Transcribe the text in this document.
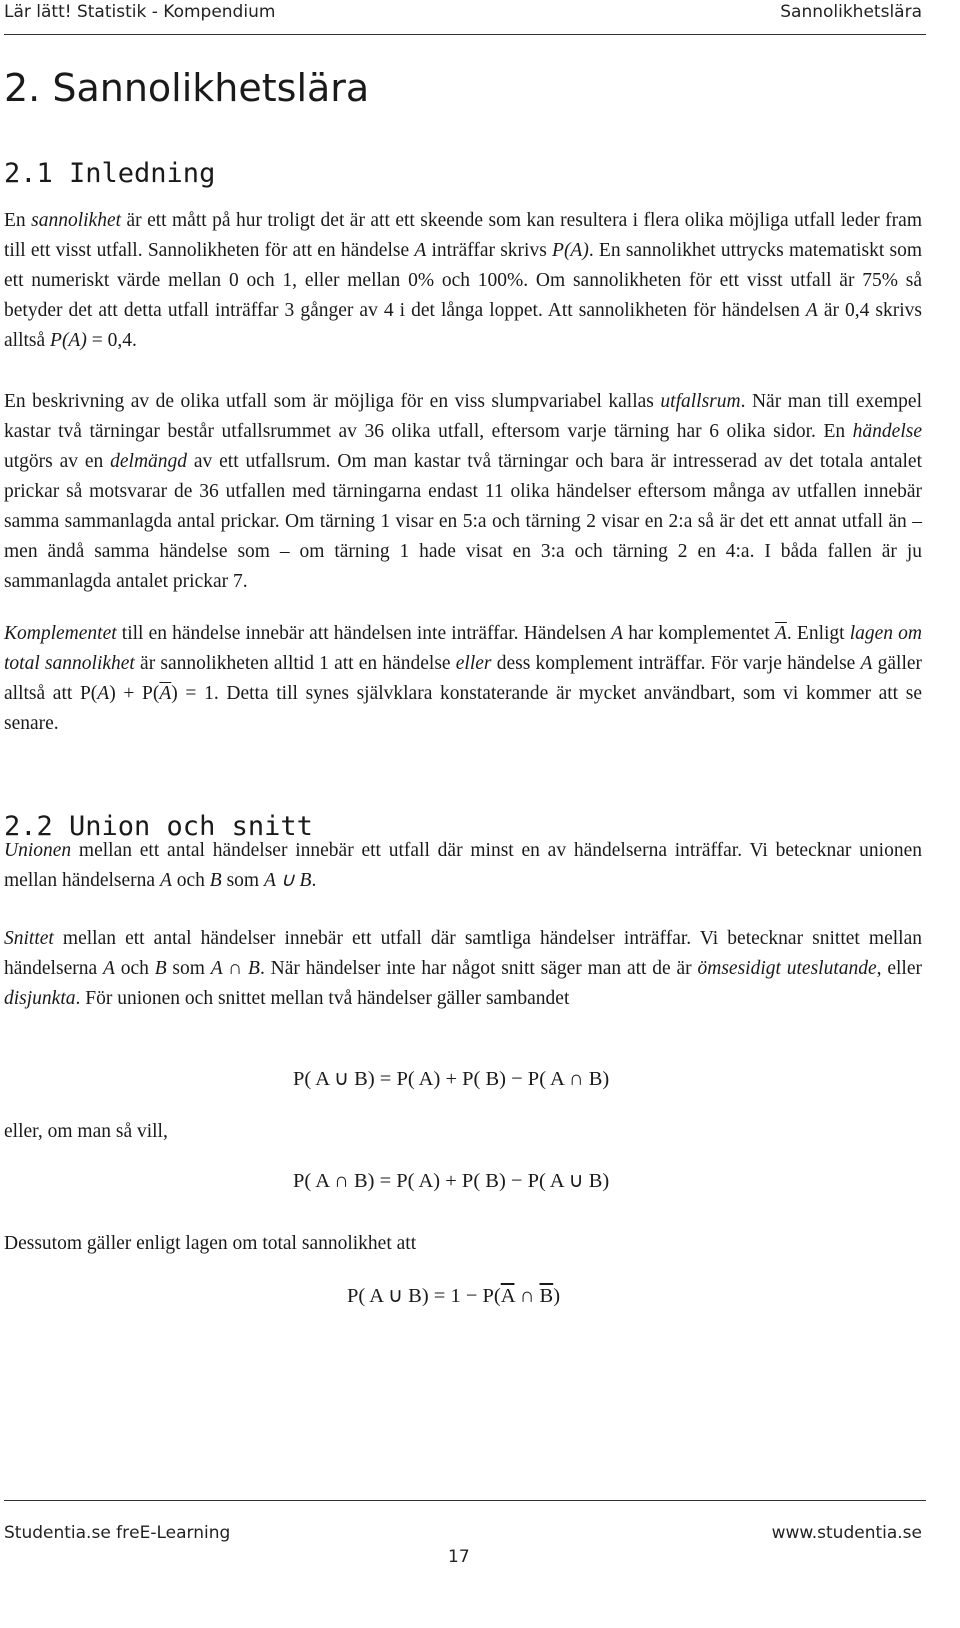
Lär lätt! Statistik - Kompendium	Sannolikhetslära
2. Sannolikhetslära
2.1 Inledning

En sannolikhet är ett mått på hur troligt det är att ett skeende som kan resultera i flera olika möjliga utfall leder fram till ett visst utfall. Sannolikheten för att en händelse A inträffar skrivs P(A). En sannolikhet uttrycks matematiskt som ett numeriskt värde mellan 0 och 1, eller mellan 0% och 100%. Om sannolikheten för ett visst utfall är 75% så betyder det att detta utfall inträffar 3 gånger av 4 i det långa loppet. Att sannolikheten för händelsen A är 0,4 skrivs alltså P(A) = 0,4.

En beskrivning av de olika utfall som är möjliga för en viss slumpvariabel kallas utfallsrum. När man till exempel kastar två tärningar består utfallsrummet av 36 olika utfall, eftersom varje tärning har 6 olika sidor. En händelse utgörs av en delmängd av ett utfallsrum. Om man kastar två tärningar och bara är intresserad av det totala antalet prickar så motsvarar de 36 utfallen med tärningarna endast 11 olika händelser eftersom många av utfallen innebär samma sammanlagda antal prickar. Om tärning 1 visar en 5:a och tärning 2 visar en 2:a så är det ett annat utfall än – men ändå samma händelse som – om tärning 1 hade visat en 3:a och tärning 2 en 4:a. I båda fallen är ju sammanlagda antalet prickar 7.

Komplementet till en händelse innebär att händelsen inte inträffar. Händelsen A har komplementet $\overline{A}$. Enligt lagen om total sannolikhet är sannolikheten alltid 1 att en händelse eller dess komplement inträffar. För varje händelse A gäller alltså att $P(A) + P(\overline{A}) = 1$. Detta till synes självklara konstaterande är mycket användbart, som vi kommer att se senare.

2.2 Union och snitt

Unionen mellan ett antal händelser innebär ett utfall där minst en av händelserna inträffar. Vi betecknar unionen mellan händelserna A och B som A ∪ B.

Snittet mellan ett antal händelser innebär ett utfall där samtliga händelser inträffar. Vi betecknar snittet mellan händelserna A och B som A ∩ B. När händelser inte har något snitt säger man att de är ömsesidigt uteslutande, eller disjunkta. För unionen och snittet mellan två händelser gäller sambandet

P( A ∪ B) = P( A) + P( B) − P( A ∩ B)

eller, om man så vill,

P( A ∩ B) = P( A) + P( B) − P( A ∪ B)

Dessutom gäller enligt lagen om total sannolikhet att

P( A ∪ $B) = 1 - P(\overline{A}$ ∩ $\overline{B}$)
Studentia.se frеE-Learning	www.studentia.se
17
